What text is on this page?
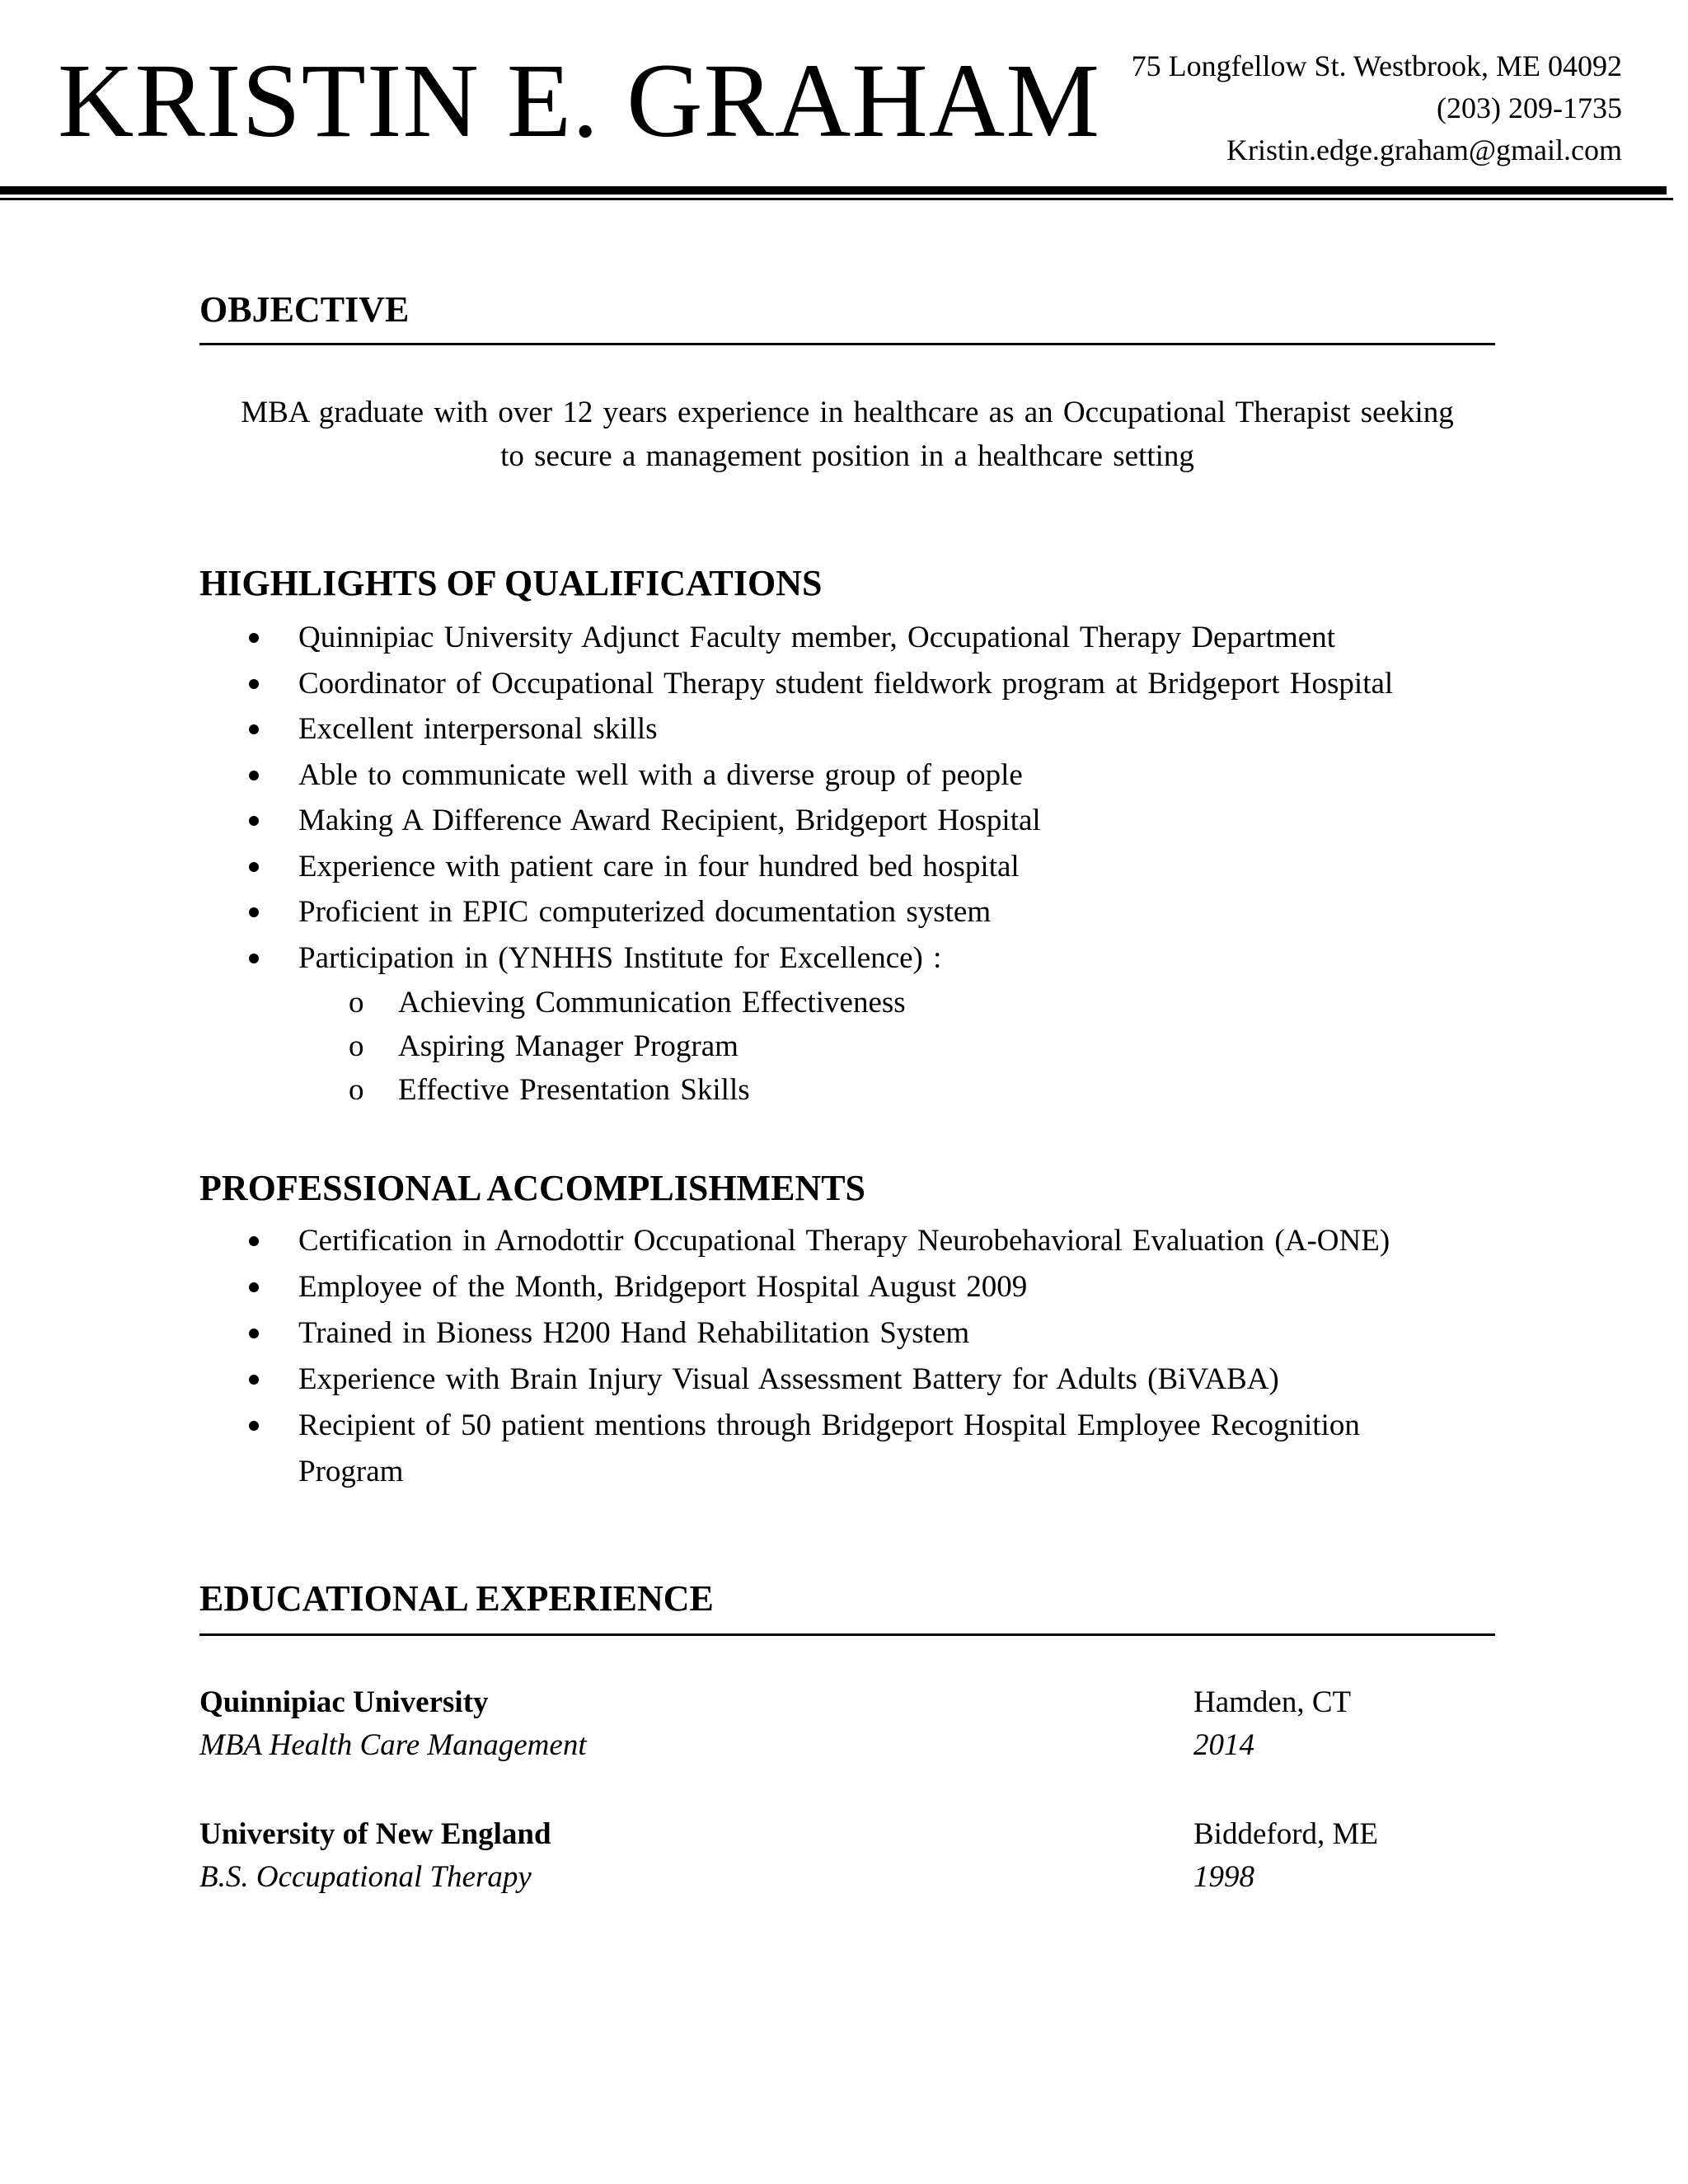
KRISTIN E. GRAHAM 75 Longfellow St. Westbrook, ME 04092
(203) 209-1735
Kristin.edge.graham@gmail.com
OBJECTIVE
MBA graduate with over 12 years experience in healthcare as an Occupational Therapist seeking
to secure a management position in a healthcare setting
HIGHLIGHTS OF QUALIFICATIONS
Quinnipiac University Adjunct Faculty member, Occupational Therapy Department
Coordinator of Occupational Therapy student fieldwork program at Bridgeport Hospital
Excellent interpersonal skills
Able to communicate well with a diverse group of people
Making A Difference Award Recipient, Bridgeport Hospital
Experience with patient care in four hundred bed hospital
Proficient in EPIC computerized documentation system
Participation in (YNHHS Institute for Excellence) :
o Achieving Communication Effectiveness
o Aspiring Manager Program
o Effective Presentation Skills
PROFESSIONAL ACCOMPLISHMENTS
Certification in Arnodottir Occupational Therapy Neurobehavioral Evaluation (A-ONE)
Employee of the Month, Bridgeport Hospital August 2009
Trained in Bioness H200 Hand Rehabilitation System
Experience with Brain Injury Visual Assessment Battery for Adults (BiVABA)
Recipient of 50 patient mentions through Bridgeport Hospital Employee Recognition Program
EDUCATIONAL EXPERIENCE
Quinnipiac University	Hamden, CT
MBA Health Care Management	2014
University of New England	Biddeford, ME
B.S. Occupational Therapy	1998
